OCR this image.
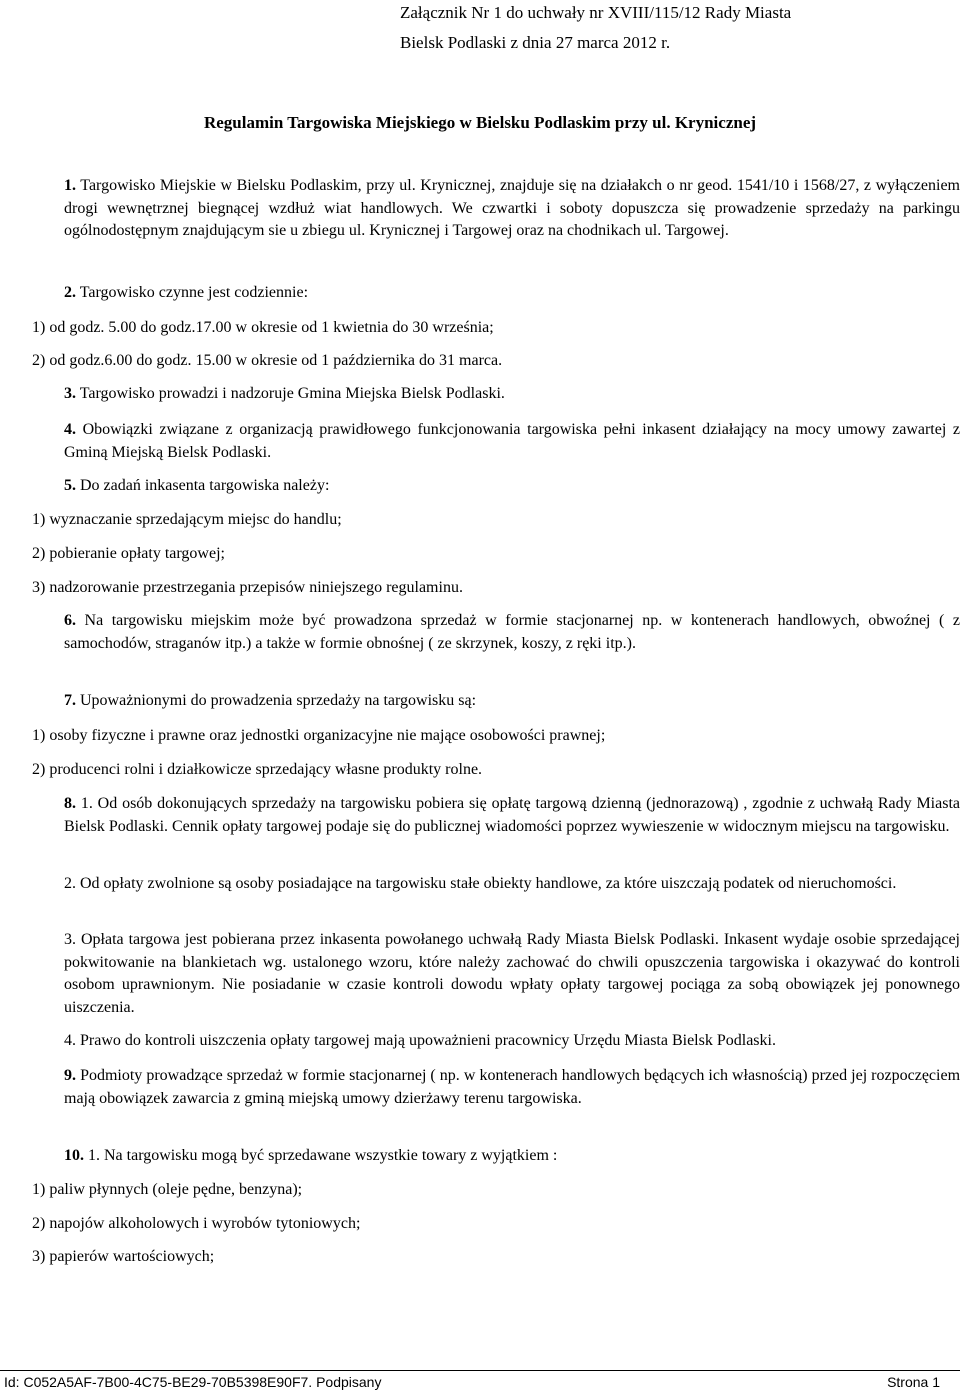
Załącznik Nr 1 do uchwały nr XVIII/115/12 Rady Miasta
Bielsk Podlaski z dnia 27 marca 2012 r.
Regulamin Targowiska Miejskiego w Bielsku Podlaskim przy ul. Krynicznej

1. Targowisko Miejskie w Bielsku Podlaskim, przy ul. Krynicznej, znajduje się na działakch o nr geod. 1541/10 i 1568/27, z wyłączeniem drogi wewnętrznej biegnącej wzdłuż wiat handlowych. We czwartki i soboty dopuszcza się prowadzenie sprzedaży na parkingu ogólnodostępnym znajdującym sie u zbiegu ul. Krynicznej i Targowej oraz na chodnikach ul. Targowej.

2. Targowisko czynne jest codziennie:

1) od godz. 5.00 do godz.17.00 w okresie od 1 kwietnia do 30 września;

2) od godz.6.00 do godz. 15.00 w okresie od 1 października do 31 marca.

3. Targowisko prowadzi i nadzoruje Gmina Miejska Bielsk Podlaski.

4. Obowiązki związane z organizacją prawidłowego funkcjonowania targowiska pełni inkasent działający na mocy umowy zawartej z Gminą Miejską Bielsk Podlaski.

5. Do zadań inkasenta targowiska należy:

1) wyznaczanie sprzedającym miejsc do handlu;

2) pobieranie opłaty targowej;

3) nadzorowanie przestrzegania przepisów niniejszego regulaminu.

6. Na targowisku miejskim może być prowadzona sprzedaż w formie stacjonarnej np. w kontenerach handlowych, obwoźnej ( z samochodów, straganów itp.) a także w formie obnośnej ( ze skrzynek, koszy, z ręki itp.).

7. Upoważnionymi do prowadzenia sprzedaży na targowisku są:

1) osoby fizyczne i prawne oraz jednostki organizacyjne nie mające osobowości prawnej;

2) producenci rolni i działkowicze sprzedający własne produkty rolne.

8. 1. Od osób dokonujących sprzedaży na targowisku pobiera się opłatę targową dzienną (jednorazową) , zgodnie z uchwałą Rady Miasta Bielsk Podlaski. Cennik opłaty targowej podaje się do publicznej wiadomości poprzez wywieszenie w widocznym miejscu na targowisku.

2. Od opłaty zwolnione są osoby posiadające na targowisku stałe obiekty handlowe, za które uiszczają podatek od nieruchomości.

3. Opłata targowa jest pobierana przez inkasenta powołanego uchwałą Rady Miasta Bielsk Podlaski. Inkasent wydaje osobie sprzedającej pokwitowanie na blankietach wg. ustalonego wzoru, które należy zachować do chwili opuszczenia targowiska i okazywać do kontroli osobom uprawnionym. Nie posiadanie w czasie kontroli dowodu wpłaty opłaty targowej pociąga za sobą obowiązek jej ponownego uiszczenia.

4. Prawo do kontroli uiszczenia opłaty targowej mają upoważnieni pracownicy Urzędu Miasta Bielsk Podlaski.

9. Podmioty prowadzące sprzedaż w formie stacjonarnej ( np. w kontenerach handlowych będących ich własnością) przed jej rozpoczęciem mają obowiązek zawarcia z gminą miejską umowy dzierżawy terenu targowiska.

10. 1. Na targowisku mogą być sprzedawane wszystkie towary z wyjątkiem :

1) paliw płynnych (oleje pędne, benzyna);

2) napojów alkoholowych i wyrobów tytoniowych;

3) papierów wartościowych;

Id: C052A5AF-7B00-4C75-BE29-70B5398E90F7. Podpisany	Strona 1
